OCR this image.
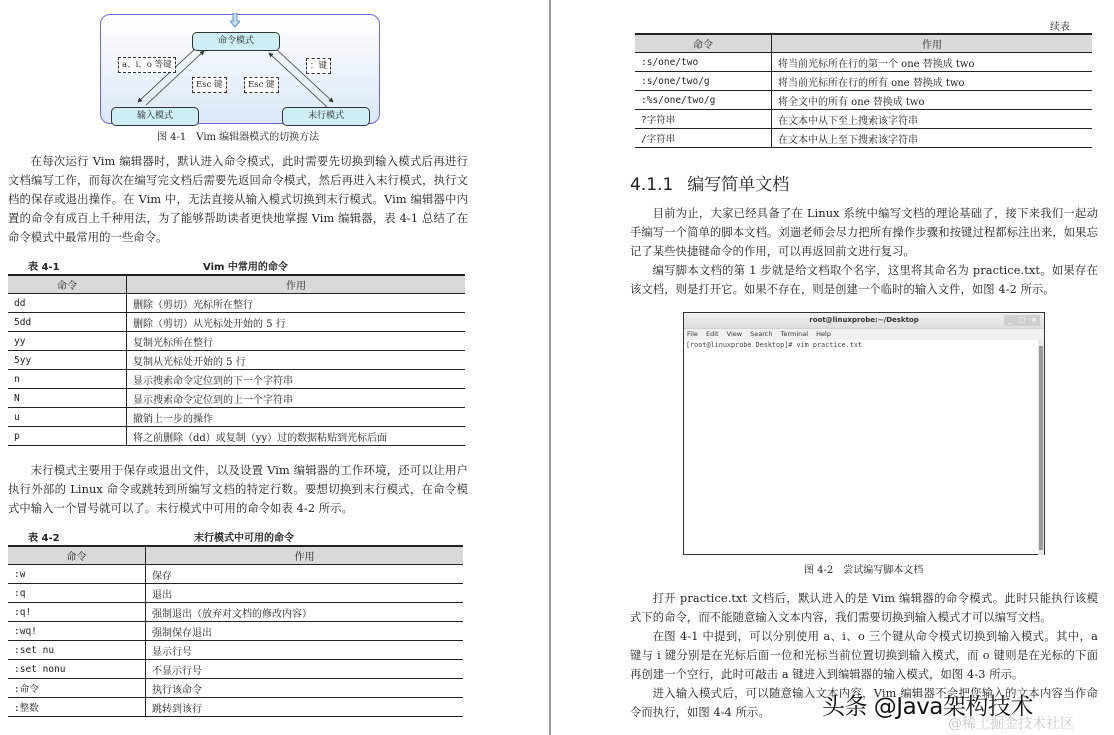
命令模式
输入模式	末行模式
a、i、o 等键
Esc 键	Esc 键
：键
图 4-1　Vim 编辑器模式的切换方法
在每次运行 Vim 编辑器时，默认进入命令模式，此时需要先切换到输入模式后再进行文档编写工作，而每次在编写完文档后需要先返回命令模式，然后再进入末行模式，执行文档的保存或退出操作。在 Vim 中，无法直接从输入模式切换到末行模式。Vim 编辑器中内置的命令有成百上千种用法，为了能够帮助读者更快地掌握 Vim 编辑器，表 4-1 总结了在命令模式中最常用的一些命令。
表 4-1	Vim 中常用的命令
命令	作用
dd	删除（剪切）光标所在整行
5dd	删除（剪切）从光标处开始的 5 行
yy	复制光标所在整行
5yy	复制从光标处开始的 5 行
n	显示搜索命令定位到的下一个字符串
N	显示搜索命令定位到的上一个字符串
u	撤销上一步的操作
p	将之前删除（dd）或复制（yy）过的数据粘贴到光标后面
末行模式主要用于保存或退出文件，以及设置 Vim 编辑器的工作环境，还可以让用户执行外部的 Linux 命令或跳转到所编写文档的特定行数。要想切换到末行模式，在命令模式中输入一个冒号就可以了。末行模式中可用的命令如表 4-2 所示。
表 4-2	末行模式中可用的命令
命令	作用
:w	保存
:q	退出
:q!	强制退出（放弃对文档的修改内容）
:wq!	强制保存退出
:set nu	显示行号
:set nonu	不显示行号
:命令	执行该命令
:整数	跳转到该行
续表
命令	作用
:s/one/two	将当前光标所在行的第一个 one 替换成 two
:s/one/two/g	将当前光标所在行的所有 one 替换成 two
:%s/one/two/g	将全文中的所有 one 替换成 two
?字符串	在文本中从下至上搜索该字符串
/字符串	在文本中从上至下搜索该字符串
4.1.1 编写简单文档
目前为止，大家已经具备了在 Linux 系统中编写文档的理论基础了，接下来我们一起动手编写一个简单的脚本文档。刘遄老师会尽力把所有操作步骤和按键过程都标注出来，如果忘记了某些快捷键命令的作用，可以再返回前文进行复习。
编写脚本文档的第 1 步就是给文档取个名字，这里将其命名为 practice.txt。如果存在该文档，则是打开它。如果不存在，则是创建一个临时的输入文件，如图 4-2 所示。
root@linuxprobe:~/Desktop	_ □ ×
File Edit View Search Terminal Help
[root@linuxprobe Desktop]# vim practice.txt
图 4-2　尝试编写脚本文档
打开 practice.txt 文档后，默认进入的是 Vim 编辑器的命令模式。此时只能执行该模式下的命令，而不能随意输入文本内容，我们需要切换到输入模式才可以编写文档。
在图 4-1 中提到，可以分别使用 a、i、o 三个键从命令模式切换到输入模式。其中，a 键与 i 键分别是在光标后面一位和光标当前位置切换到输入模式，而 o 键则是在光标的下面再创建一个空行，此时可敲击 a 键进入到编辑器的输入模式，如图 4-3 所示。
进入输入模式后，可以随意输入文本内容，Vim 编辑器不会把您输入的文本内容当作命令而执行，如图 4-4 所示。	头条 @Java架构技术
@稀土掘金技术社区
